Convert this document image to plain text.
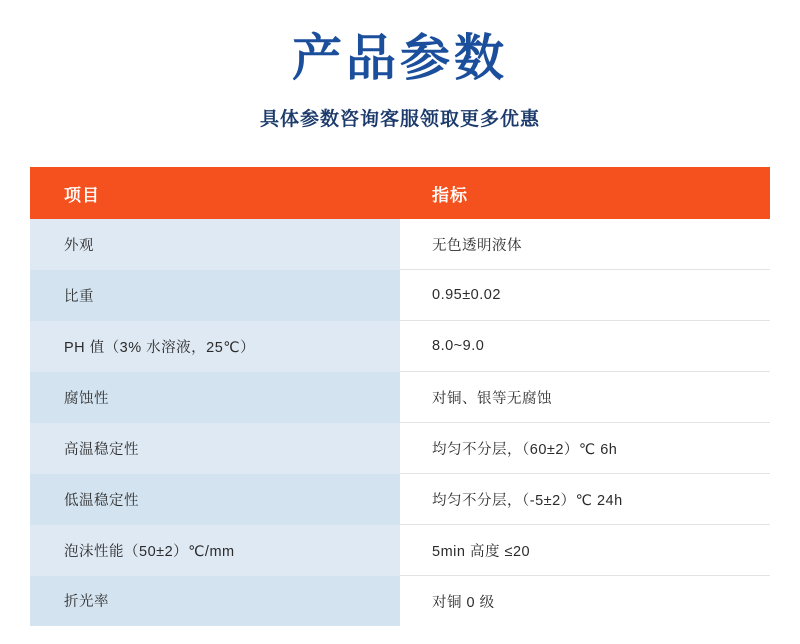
产品参数

具体参数咨询客服领取更多优惠

项目	指标
外观	无色透明液体
比重	0.95±0.02
PH 值（3% 水溶液，25℃）	8.0~9.0
腐蚀性	对铜、银等无腐蚀
高温稳定性	均匀不分层，（60±2）℃ 6h
低温稳定性	均匀不分层，（-5±2）℃ 24h
泡沫性能（50±2）℃/mm	5min 高度 ≤20
折光率	对铜 0 级
